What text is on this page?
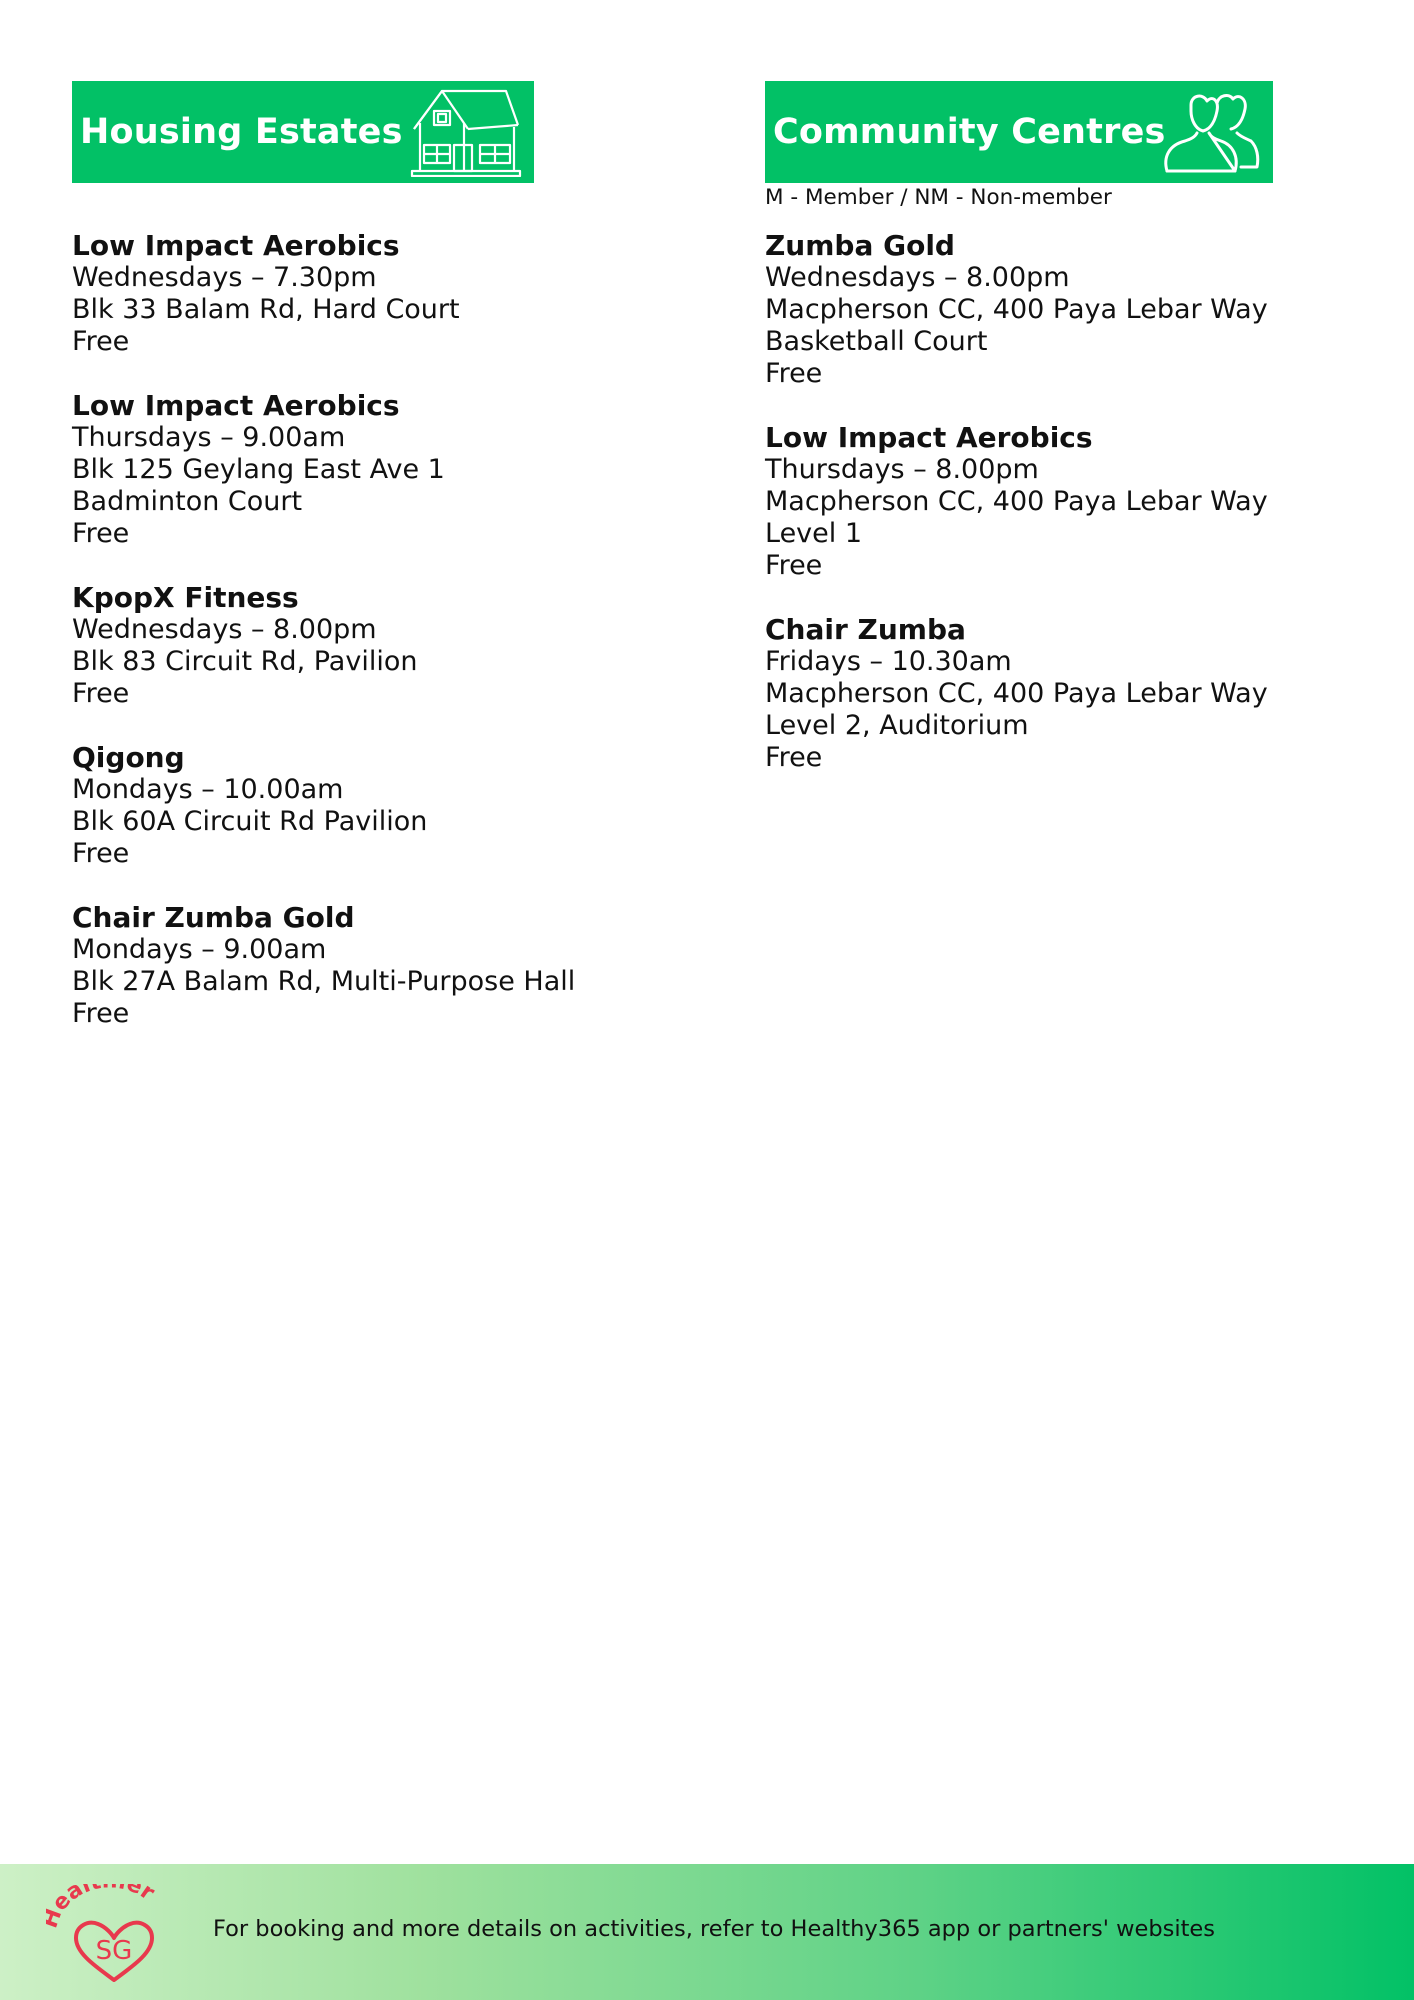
Housing Estates
Low Impact Aerobics
Wednesdays – 7.30pm
Blk 33 Balam Rd, Hard Court
Free
Low Impact Aerobics
Thursdays – 9.00am
Blk 125 Geylang East Ave 1
Badminton Court
Free
KpopX Fitness
Wednesdays – 8.00pm
Blk 83 Circuit Rd, Pavilion
Free
Qigong
Mondays – 10.00am
Blk 60A Circuit Rd Pavilion
Free
Chair Zumba Gold
Mondays – 9.00am
Blk 27A Balam Rd, Multi-Purpose Hall
Free
Community Centres
M - Member / NM - Non-member
Zumba Gold
Wednesdays – 8.00pm
Macpherson CC, 400 Paya Lebar Way
Basketball Court
Free
Low Impact Aerobics
Thursdays – 8.00pm
Macpherson CC, 400 Paya Lebar Way
Level 1
Free
Chair Zumba
Fridays – 10.30am
Macpherson CC, 400 Paya Lebar Way
Level 2, Auditorium
Free
eal er
SG
For booking and more details on activities, refer to Healthy365 app or partners' websites
